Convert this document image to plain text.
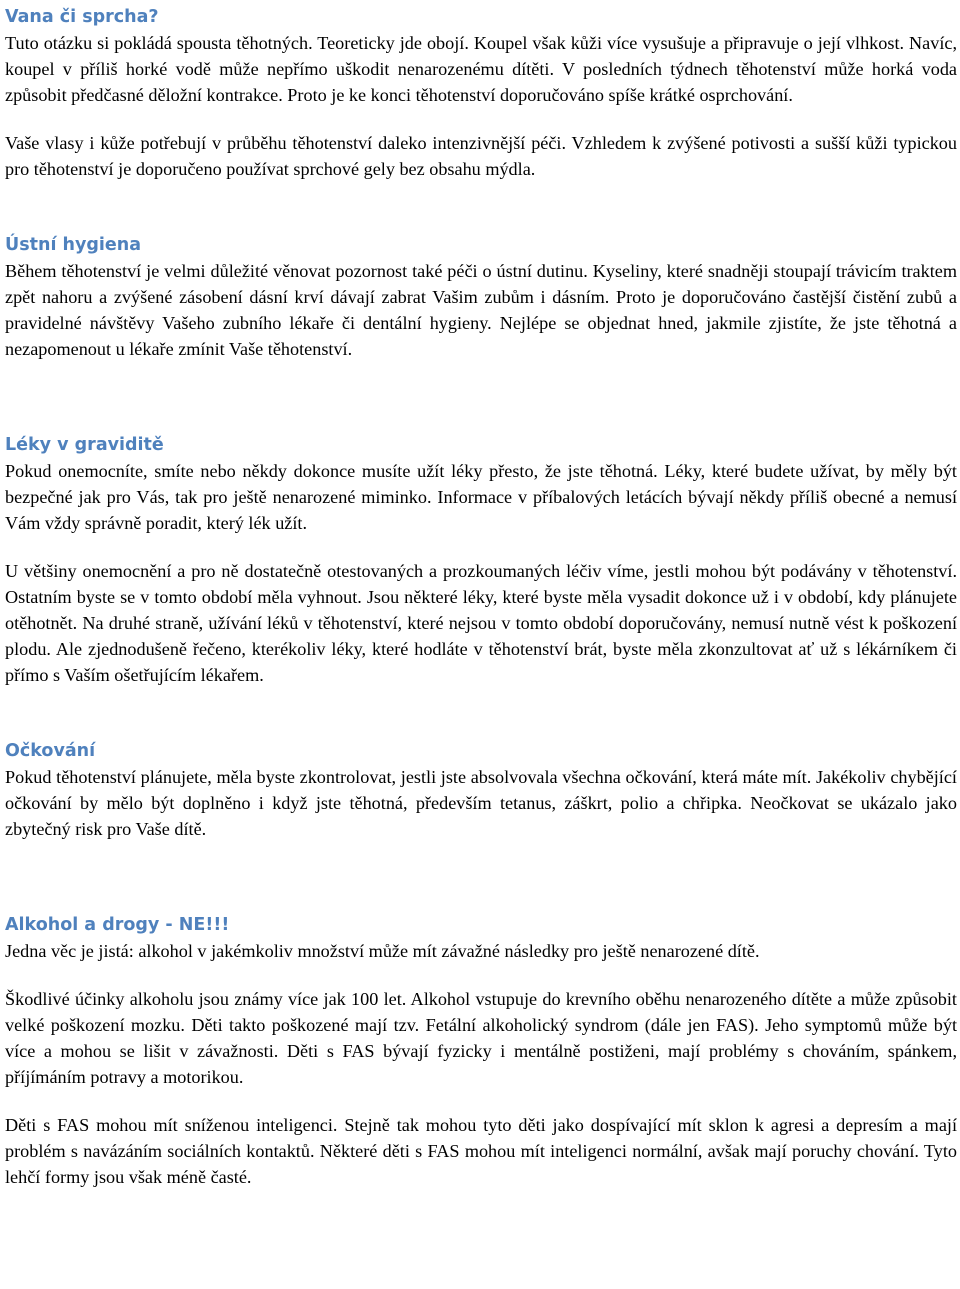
Vana či sprcha?

Tuto otázku si pokládá spousta těhotných. Teoreticky jde obojí. Koupel však kůži více vysušuje a připravuje o její vlhkost. Navíc, koupel v příliš horké vodě může nepřímo uškodit nenarozenému dítěti. V posledních týdnech těhotenství může horká voda způsobit předčasné děložní kontrakce. Proto je ke konci těhotenství doporučováno spíše krátké osprchování.

Vaše vlasy i kůže potřebují v průběhu těhotenství daleko intenzivnější péči. Vzhledem k zvýšené potivosti a sušší kůži typickou pro těhotenství je doporučeno používat sprchové gely bez obsahu mýdla.

Ústní hygiena

Během těhotenství je velmi důležité věnovat pozornost také péči o ústní dutinu. Kyseliny, které snadněji stoupají trávicím traktem zpět nahoru a zvýšené zásobení dásní krví dávají zabrat Vašim zubům i dásním. Proto je doporučováno častější čistění zubů a pravidelné návštěvy Vašeho zubního lékaře či dentální hygieny. Nejlépe se objednat hned, jakmile zjistíte, že jste těhotná a nezapomenout u lékaře zmínit Vaše těhotenství.

Léky v graviditě

Pokud onemocníte, smíte nebo někdy dokonce musíte užít léky přesto, že jste těhotná. Léky, které budete užívat, by měly být bezpečné jak pro Vás, tak pro ještě nenarozené miminko. Informace v příbalových letácích bývají někdy příliš obecné a nemusí Vám vždy správně poradit, který lék užít.

U většiny onemocnění a pro ně dostatečně otestovaných a prozkoumaných léčiv víme, jestli mohou být podávány v těhotenství. Ostatním byste se v tomto období měla vyhnout. Jsou některé léky, které byste měla vysadit dokonce už i v období, kdy plánujete otěhotnět. Na druhé straně, užívání léků v těhotenství, které nejsou v tomto období doporučovány, nemusí nutně vést k poškození plodu. Ale zjednodušeně řečeno, kterékoliv léky, které hodláte v těhotenství brát, byste měla zkonzultovat ať už s lékárníkem či přímo s Vaším ošetřujícím lékařem.

Očkování

Pokud těhotenství plánujete, měla byste zkontrolovat, jestli jste absolvovala všechna očkování, která máte mít. Jakékoliv chybějící očkování by mělo být doplněno i když jste těhotná, především tetanus, záškrt, polio a chřipka. Neočkovat se ukázalo jako zbytečný risk pro Vaše dítě.

Alkohol a drogy - NE!!!

Jedna věc je jistá: alkohol v jakémkoliv množství může mít závažné následky pro ještě nenarozené dítě.

Škodlivé účinky alkoholu jsou známy více jak 100 let. Alkohol vstupuje do krevního oběhu nenarozeného dítěte a může způsobit velké poškození mozku. Děti takto poškozené mají tzv. Fetální alkoholický syndrom (dále jen FAS). Jeho symptomů může být více a mohou se lišit v závažnosti. Děti s FAS bývají fyzicky i mentálně postiženi, mají problémy s chováním, spánkem, příjímáním potravy a motorikou.

Děti s FAS mohou mít sníženou inteligenci. Stejně tak mohou tyto děti jako dospívající mít sklon k agresi a depresím a mají problém s navázáním sociálních kontaktů. Některé děti s FAS mohou mít inteligenci normální, avšak mají poruchy chování. Tyto lehčí formy jsou však méně časté.
